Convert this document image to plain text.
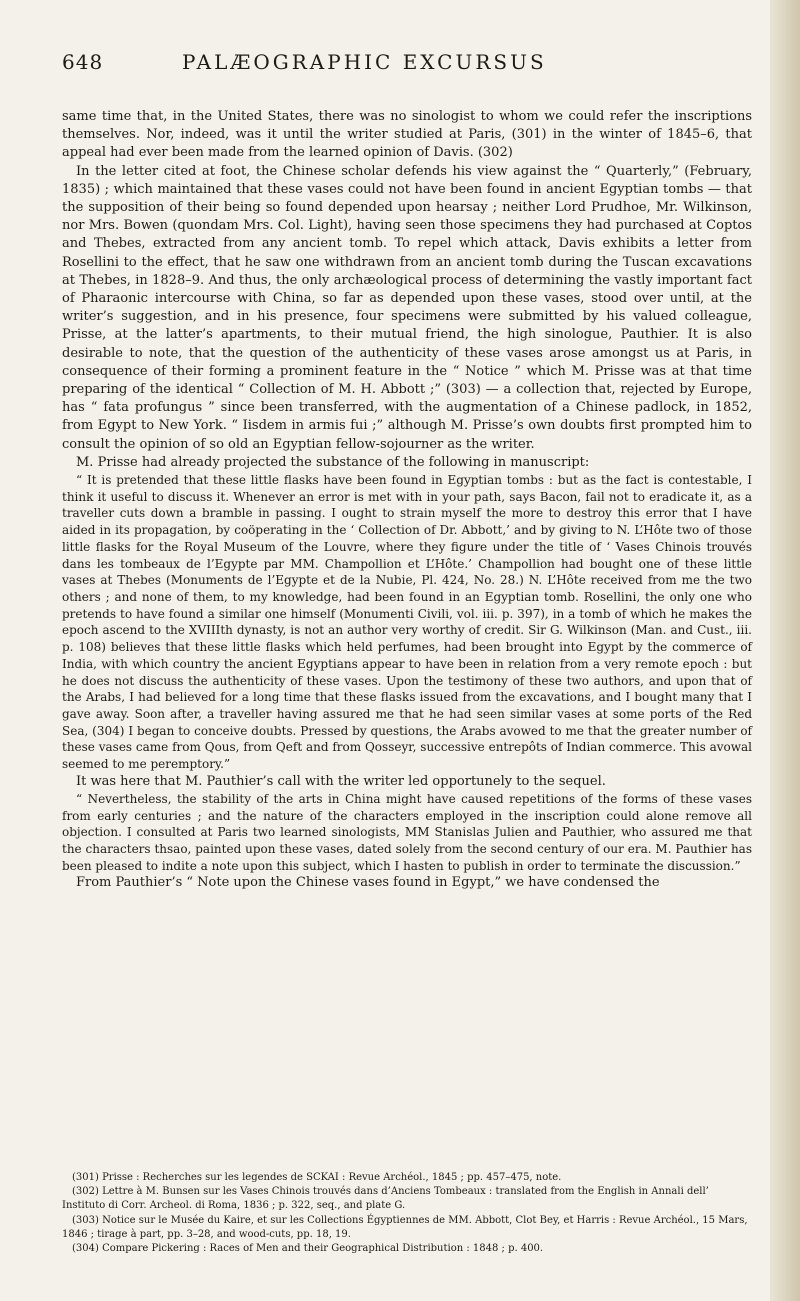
648	PALÆOGRAPHIC EXCURSUS

same time that, in the United States, there was no sinologist to whom we could refer the inscriptions themselves. Nor, indeed, was it until the writer studied at Paris, (301) in the winter of 1845–6, that appeal had ever been made from the learned opinion of Davis. (302)

In the letter cited at foot, the Chinese scholar defends his view against the “ Quarterly,” (February, 1835) ; which maintained that these vases could not have been found in ancient Egyptian tombs — that the supposition of their being so found depended upon hearsay ; neither Lord Prudhoe, Mr. Wilkinson, nor Mrs. Bowen (quondam Mrs. Col. Light), having seen those specimens they had purchased at Coptos and Thebes, extracted from any ancient tomb. To repel which attack, Davis exhibits a letter from Rosellini to the effect, that he saw one withdrawn from an ancient tomb during the Tuscan excavations at Thebes, in 1828–9. And thus, the only archæological process of determining the vastly important fact of Pharaonic intercourse with China, so far as depended upon these vases, stood over until, at the writer’s suggestion, and in his presence, four specimens were submitted by his valued colleague, Prisse, at the latter’s apartments, to their mutual friend, the high sinologue, Pauthier. It is also desirable to note, that the question of the authenticity of these vases arose amongst us at Paris, in consequence of their forming a prominent feature in the “ Notice ” which M. Prisse was at that time preparing of the identical “ Collection of M. H. Abbott ;” (303) — a collection that, rejected by Europe, has “ fata profungus ” since been transferred, with the augmentation of a Chinese padlock, in 1852, from Egypt to New York. “ Iisdem in armis fui ;” although M. Prisse’s own doubts first prompted him to consult the opinion of so old an Egyptian fellow-sojourner as the writer.

M. Prisse had already projected the substance of the following in manuscript:

“ It is pretended that these little flasks have been found in Egyptian tombs : but as the fact is contestable, I think it useful to discuss it. Whenever an error is met with in your path, says Bacon, fail not to eradicate it, as a traveller cuts down a bramble in passing. I ought to strain myself the more to destroy this error that I have aided in its propagation, by coöperating in the ‘ Collection of Dr. Abbott,’ and by giving to N. L’Hôte two of those little flasks for the Royal Museum of the Louvre, where they figure under the title of ‘ Vases Chinois trouvés dans les tombeaux de l’Egypte par MM. Champollion et L’Hôte.’ Champollion had bought one of these little vases at Thebes (Monuments de l’Egypte et de la Nubie, Pl. 424, No. 28.) N. L’Hôte received from me the two others ; and none of them, to my knowledge, had been found in an Egyptian tomb. Rosellini, the only one who pretends to have found a similar one himself (Monumenti Civili, vol. iii. p. 397), in a tomb of which he makes the epoch ascend to the XVIIIth dynasty, is not an author very worthy of credit. Sir G. Wilkinson (Man. and Cust., iii. p. 108) believes that these little flasks which held perfumes, had been brought into Egypt by the commerce of India, with which country the ancient Egyptians appear to have been in relation from a very remote epoch : but he does not discuss the authenticity of these vases. Upon the testimony of these two authors, and upon that of the Arabs, I had believed for a long time that these flasks issued from the excavations, and I bought many that I gave away. Soon after, a traveller having assured me that he had seen similar vases at some ports of the Red Sea, (304) I began to conceive doubts. Pressed by questions, the Arabs avowed to me that the greater number of these vases came from Qous, from Qeft and from Qosseyr, successive entrepôts of Indian commerce. This avowal seemed to me peremptory.”

It was here that M. Pauthier’s call with the writer led opportunely to the sequel.

“ Nevertheless, the stability of the arts in China might have caused repetitions of the forms of these vases from early centuries ; and the nature of the characters employed in the inscription could alone remove all objection. I consulted at Paris two learned sinologists, MM Stanislas Julien and Pauthier, who assured me that the characters thsao, painted upon these vases, dated solely from the second century of our era. M. Pauthier has been pleased to indite a note upon this subject, which I hasten to publish in order to terminate the discussion.”

From Pauthier’s “ Note upon the Chinese vases found in Egypt,” we have condensed the

(301) Prisse : Recherches sur les legendes de SCKAI : Revue Archéol., 1845 ; pp. 457–475, note.

(302) Lettre à M. Bunsen sur les Vases Chinois trouvés dans d’Anciens Tombeaux : translated from the English in Annali dell’ Instituto di Corr. Archeol. di Roma, 1836 ; p. 322, seq., and plate G.

(303) Notice sur le Musée du Kaire, et sur les Collections Égyptiennes de MM. Abbott, Clot Bey, et Harris : Revue Archéol., 15 Mars, 1846 ; tirage à part, pp. 3–28, and wood-cuts, pp. 18, 19.

(304) Compare Pickering : Races of Men and their Geographical Distribution : 1848 ; p. 400.
